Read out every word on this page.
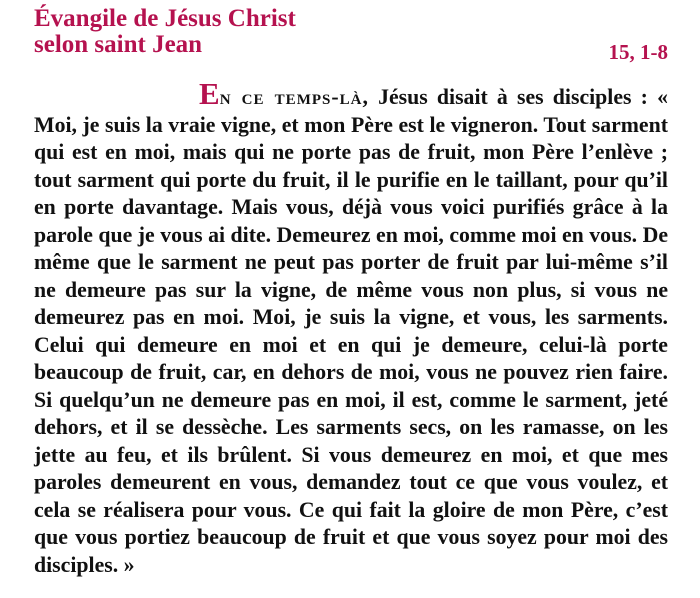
Évangile de Jésus Christ
selon saint Jean	15, 1-8

En ce temps-là, Jésus disait à ses disciples : « Moi, je suis la vraie vigne, et mon Père est le vigneron. Tout sarment qui est en moi, mais qui ne porte pas de fruit, mon Père l’enlève ; tout sarment qui porte du fruit, il le purifie en le taillant, pour qu’il en porte davantage. Mais vous, déjà vous voici purifiés grâce à la parole que je vous ai dite. Demeurez en moi, comme moi en vous. De même que le sarment ne peut pas porter de fruit par lui-même s’il ne demeure pas sur la vigne, de même vous non plus, si vous ne demeurez pas en moi. Moi, je suis la vigne, et vous, les sarments. Celui qui demeure en moi et en qui je demeure, celui-là porte beaucoup de fruit, car, en dehors de moi, vous ne pouvez rien faire. Si quelqu’un ne demeure pas en moi, il est, comme le sarment, jeté dehors, et il se dessèche. Les sarments secs, on les ramasse, on les jette au feu, et ils brûlent. Si vous demeurez en moi, et que mes paroles demeurent en vous, demandez tout ce que vous voulez, et cela se réalisera pour vous. Ce qui fait la gloire de mon Père, c’est que vous portiez beaucoup de fruit et que vous soyez pour moi des disciples. »
